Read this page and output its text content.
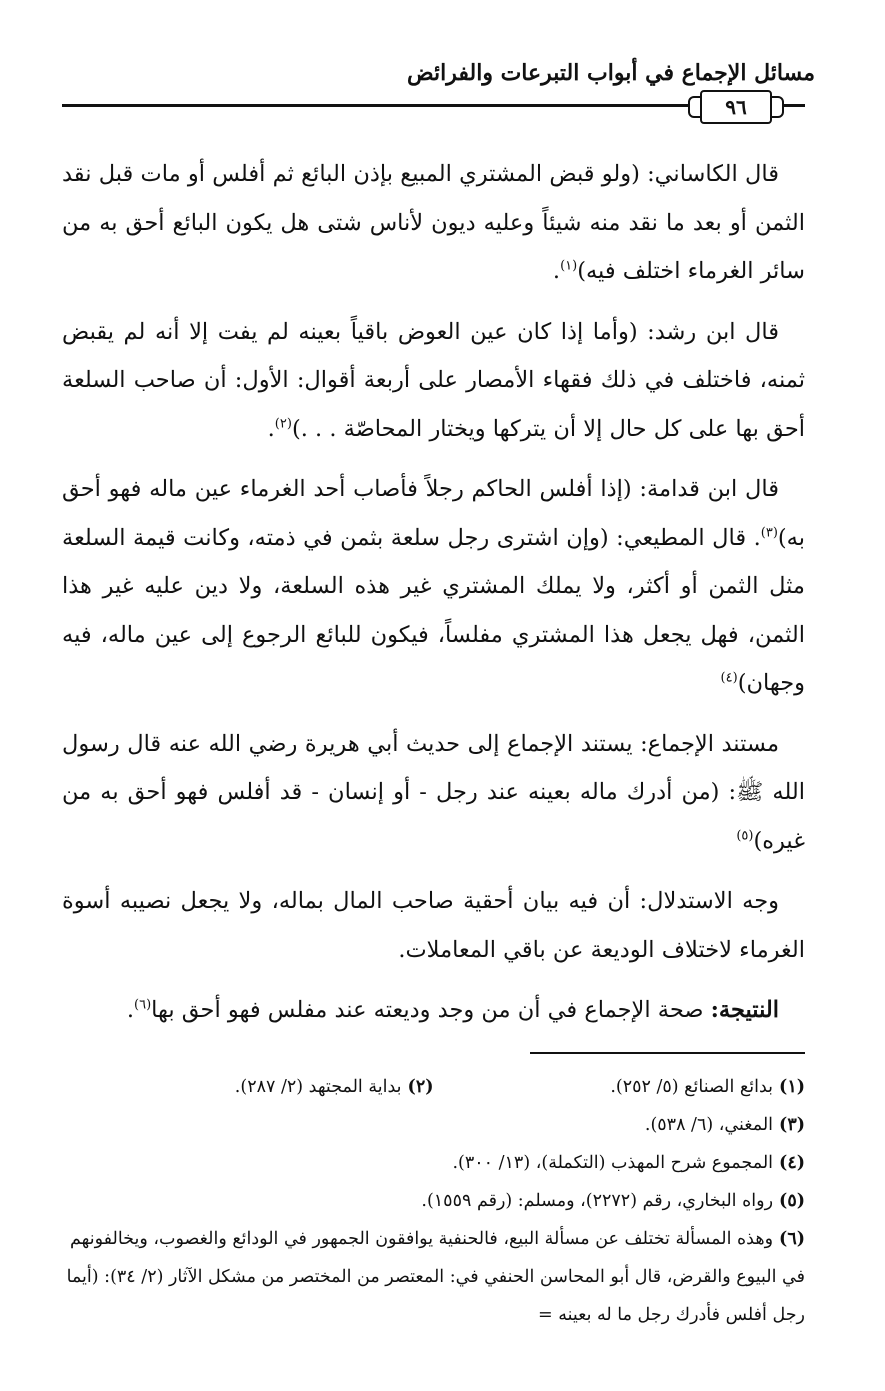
مسائل الإجماع في أبواب التبرعات والفرائض
٩٦

قال الكاساني: (ولو قبض المشتري المبيع بإذن البائع ثم أفلس أو مات قبل نقد الثمن أو بعد ما نقد منه شيئاً وعليه ديون لأناس شتى هل يكون البائع أحق به من سائر الغرماء اختلف فيه)$^{(١)}$.

قال ابن رشد: (وأما إذا كان عين العوض باقياً بعينه لم يفت إلا أنه لم يقبض ثمنه، فاختلف في ذلك فقهاء الأمصار على أربعة أقوال: الأول: أن صاحب السلعة أحق بها على كل حال إلا أن يتركها ويختار المحاصّة . . .)$^{(٢)}$.

قال ابن قدامة: (إذا أفلس الحاكم رجلاً فأصاب أحد الغرماء عين ماله فهو أحق به)$^{(٣)}$. قال المطيعي: (وإن اشترى رجل سلعة بثمن في ذمته، وكانت قيمة السلعة مثل الثمن أو أكثر، ولا يملك المشتري غير هذه السلعة، ولا دين عليه غير هذا الثمن، فهل يجعل هذا المشتري مفلساً، فيكون للبائع الرجوع إلى عين ماله، فيه وجهان)$^{(٤)}$

مستند الإجماع: يستند الإجماع إلى حديث أبي هريرة رضي الله عنه قال رسول الله ﷺ: (من أدرك ماله بعينه عند رجل - أو إنسان - قد أفلس فهو أحق به من غيره)$^{(٥)}$

وجه الاستدلال: أن فيه بيان أحقية صاحب المال بماله، ولا يجعل نصيبه أسوة الغرماء لاختلاف الوديعة عن باقي المعاملات.

النتيجة: صحة الإجماع في أن من وجد وديعته عند مفلس فهو أحق بها$^{(٦)}$.

(١)بدائع الصنائع (٥/ ٢٥٢).
(٢)بداية المجتهد (٢/ ٢٨٧).

(٣)المغني، (٦/ ٥٣٨).

(٤)المجموع شرح المهذب (التكملة)، (١٣/ ٣٠٠).

(٥)رواه البخاري، رقم (٢٢٧٢)، ومسلم: (رقم ١٥٥٩).

(٦)وهذه المسألة تختلف عن مسألة البيع، فالحنفية يوافقون الجمهور في الودائع والغصوب، ويخالفونهم في البيوع والقرض، قال أبو المحاسن الحنفي في: المعتصر من المختصر من مشكل الآثار (٢/ ٣٤): (أيما رجل أفلس فأدرك رجل ما له بعينه =
